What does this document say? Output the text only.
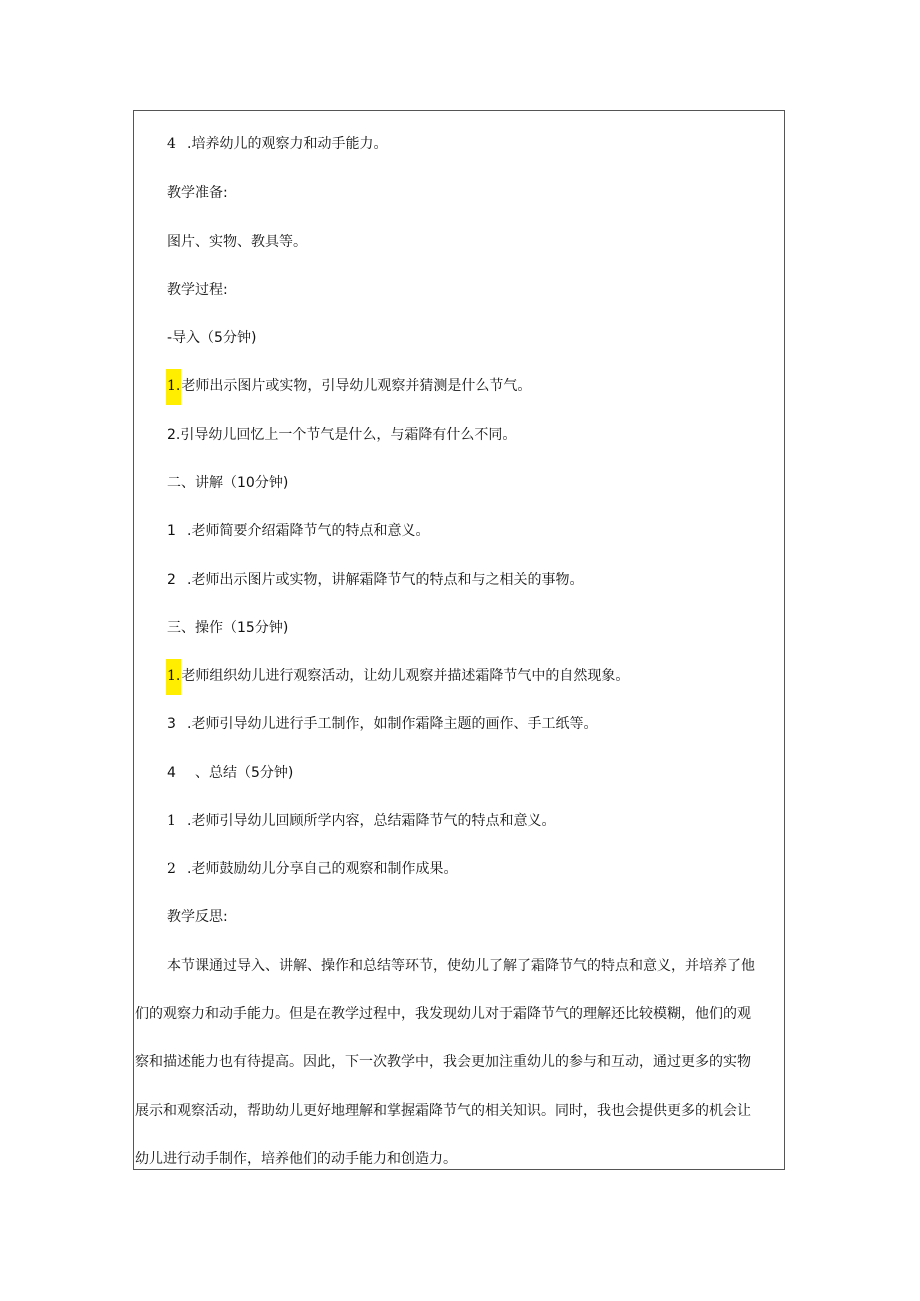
4 .培养幼儿的观察力和动手能力。
教学准备:
图片、实物、教具等。
教学过程:
-导入（5分钟)
1.老师出示图片或实物，引导幼儿观察并猜测是什么节气。
2.引导幼儿回忆上一个节气是什么，与霜降有什么不同。
二、讲解（10分钟)
1 .老师简要介绍霜降节气的特点和意义。
2 .老师出示图片或实物，讲解霜降节气的特点和与之相关的事物。
三、操作（15分钟)
1.老师组织幼儿进行观察活动，让幼儿观察并描述霜降节气中的自然现象。
3 .老师引导幼儿进行手工制作，如制作霜降主题的画作、手工纸等。
4 、总结（5分钟)
1 .老师引导幼儿回顾所学内容，总结霜降节气的特点和意义。
2 .老师鼓励幼儿分享自己的观察和制作成果。
教学反思:
本节课通过导入、讲解、操作和总结等环节，使幼儿了解了霜降节气的特点和意义，并培养了他
们的观察力和动手能力。但是在教学过程中，我发现幼儿对于霜降节气的理解还比较模糊，他们的观
察和描述能力也有待提高。因此，下一次教学中，我会更加注重幼儿的参与和互动，通过更多的实物
展示和观察活动，帮助幼儿更好地理解和掌握霜降节气的相关知识。同时，我也会提供更多的机会让
幼儿进行动手制作，培养他们的动手能力和创造力。
